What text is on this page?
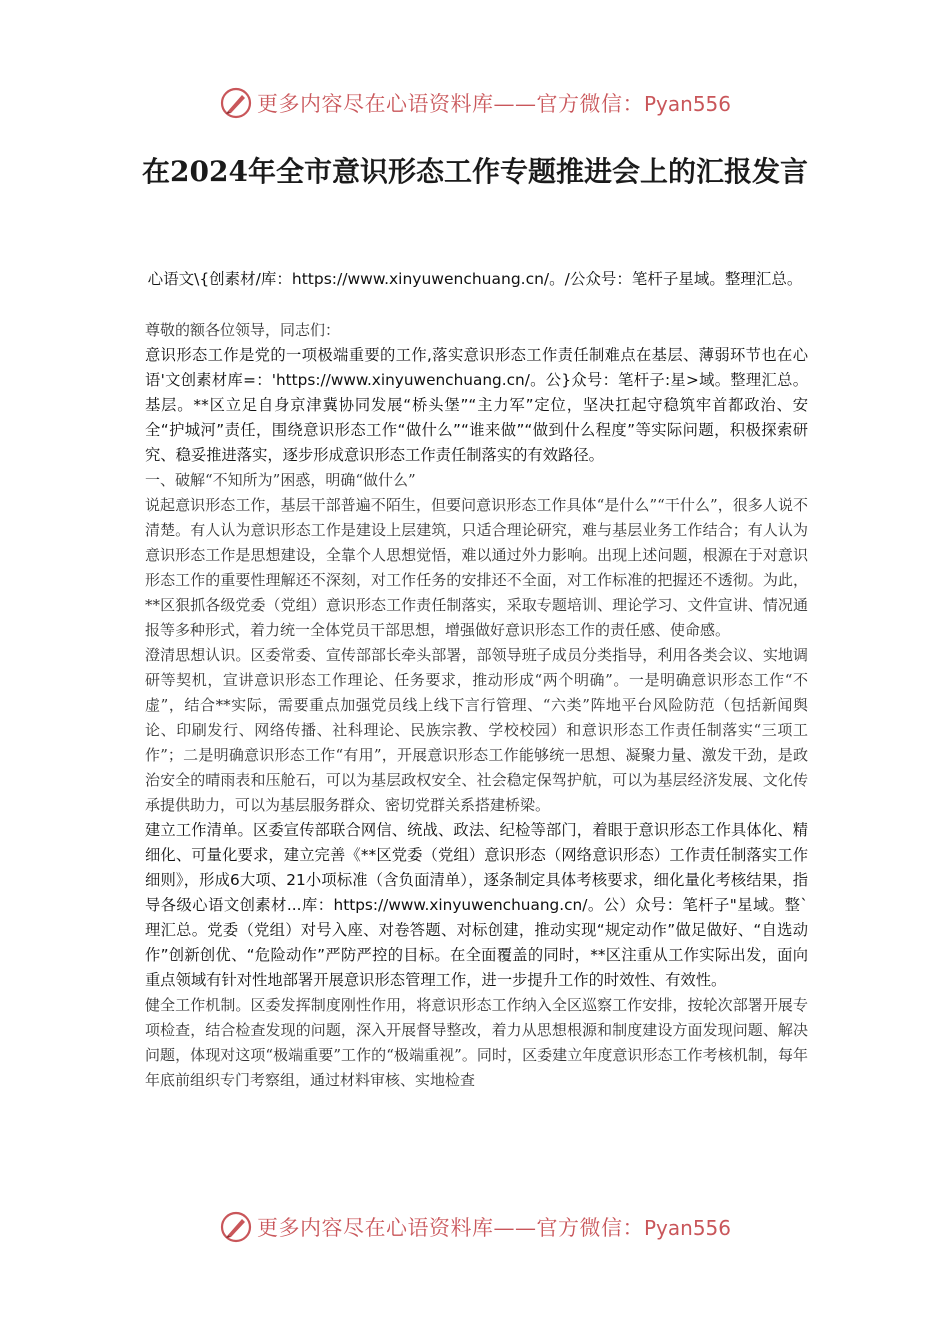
更多内容尽在心语资料库——官方微信：Pyan556
在2024年全市意识形态工作专题推进会上的汇报发言
心语文\{创素材/库：https://www.xinyuwenchuang.cn/。/公众号：笔杆子星域。整理汇总。

尊敬的额各位领导，同志们：

意识形态工作是党的一项极端重要的工作,落实意识形态工作责任制难点在基层、薄弱环节也在心语'文创素材库=：'https://www.xinyuwenchuang.cn/。公}众号：笔杆子:星>域。整理汇总。基层。**区立足自身京津冀协同发展“桥头堡”“主力军”定位，坚决扛起守稳筑牢首都政治、安全“护城河”责任，围绕意识形态工作“做什么”“谁来做”“做到什么程度”等实际问题，积极探索研究、稳妥推进落实，逐步形成意识形态工作责任制落实的有效路径。

一、破解“不知所为”困惑，明确“做什么”

说起意识形态工作，基层干部普遍不陌生，但要问意识形态工作具体“是什么”“干什么”，很多人说不清楚。有人认为意识形态工作是建设上层建筑，只适合理论研究，难与基层业务工作结合；有人认为意识形态工作是思想建设，全靠个人思想觉悟，难以通过外力影响。出现上述问题，根源在于对意识形态工作的重要性理解还不深刻，对工作任务的安排还不全面，对工作标准的把握还不透彻。为此，**区狠抓各级党委（党组）意识形态工作责任制落实，采取专题培训、理论学习、文件宣讲、情况通报等多种形式，着力统一全体党员干部思想，增强做好意识形态工作的责任感、使命感。

澄清思想认识。区委常委、宣传部部长牵头部署，部领导班子成员分类指导，利用各类会议、实地调研等契机，宣讲意识形态工作理论、任务要求，推动形成“两个明确”。一是明确意识形态工作“不虚”，结合**实际，需要重点加强党员线上线下言行管理、“六类”阵地平台风险防范（包括新闻舆论、印刷发行、网络传播、社科理论、民族宗教、学校校园）和意识形态工作责任制落实“三项工作”；二是明确意识形态工作“有用”，开展意识形态工作能够统一思想、凝聚力量、激发干劲，是政治安全的晴雨表和压舱石，可以为基层政权安全、社会稳定保驾护航，可以为基层经济发展、文化传承提供助力，可以为基层服务群众、密切党群关系搭建桥梁。

建立工作清单。区委宣传部联合网信、统战、政法、纪检等部门，着眼于意识形态工作具体化、精细化、可量化要求，建立完善《**区党委（党组）意识形态（网络意识形态）工作责任制落实工作细则》，形成6大项、21小项标准（含负面清单），逐条制定具体考核要求，细化量化考核结果，指导各级心语文创素材...库：https://www.xinyuwenchuang.cn/。公）众号：笔杆子"星域。整`理汇总。党委（党组）对号入座、对卷答题、对标创建，推动实现“规定动作”做足做好、“自选动作”创新创优、“危险动作”严防严控的目标。在全面覆盖的同时，**区注重从工作实际出发，面向重点领域有针对性地部署开展意识形态管理工作，进一步提升工作的时效性、有效性。

健全工作机制。区委发挥制度刚性作用，将意识形态工作纳入全区巡察工作安排，按轮次部署开展专项检查，结合检查发现的问题，深入开展督导整改，着力从思想根源和制度建设方面发现问题、解决问题，体现对这项“极端重要”工作的“极端重视”。同时，区委建立年度意识形态工作考核机制，每年年底前组织专门考察组，通过材料审核、实地检查

更多内容尽在心语资料库——官方微信：Pyan556
